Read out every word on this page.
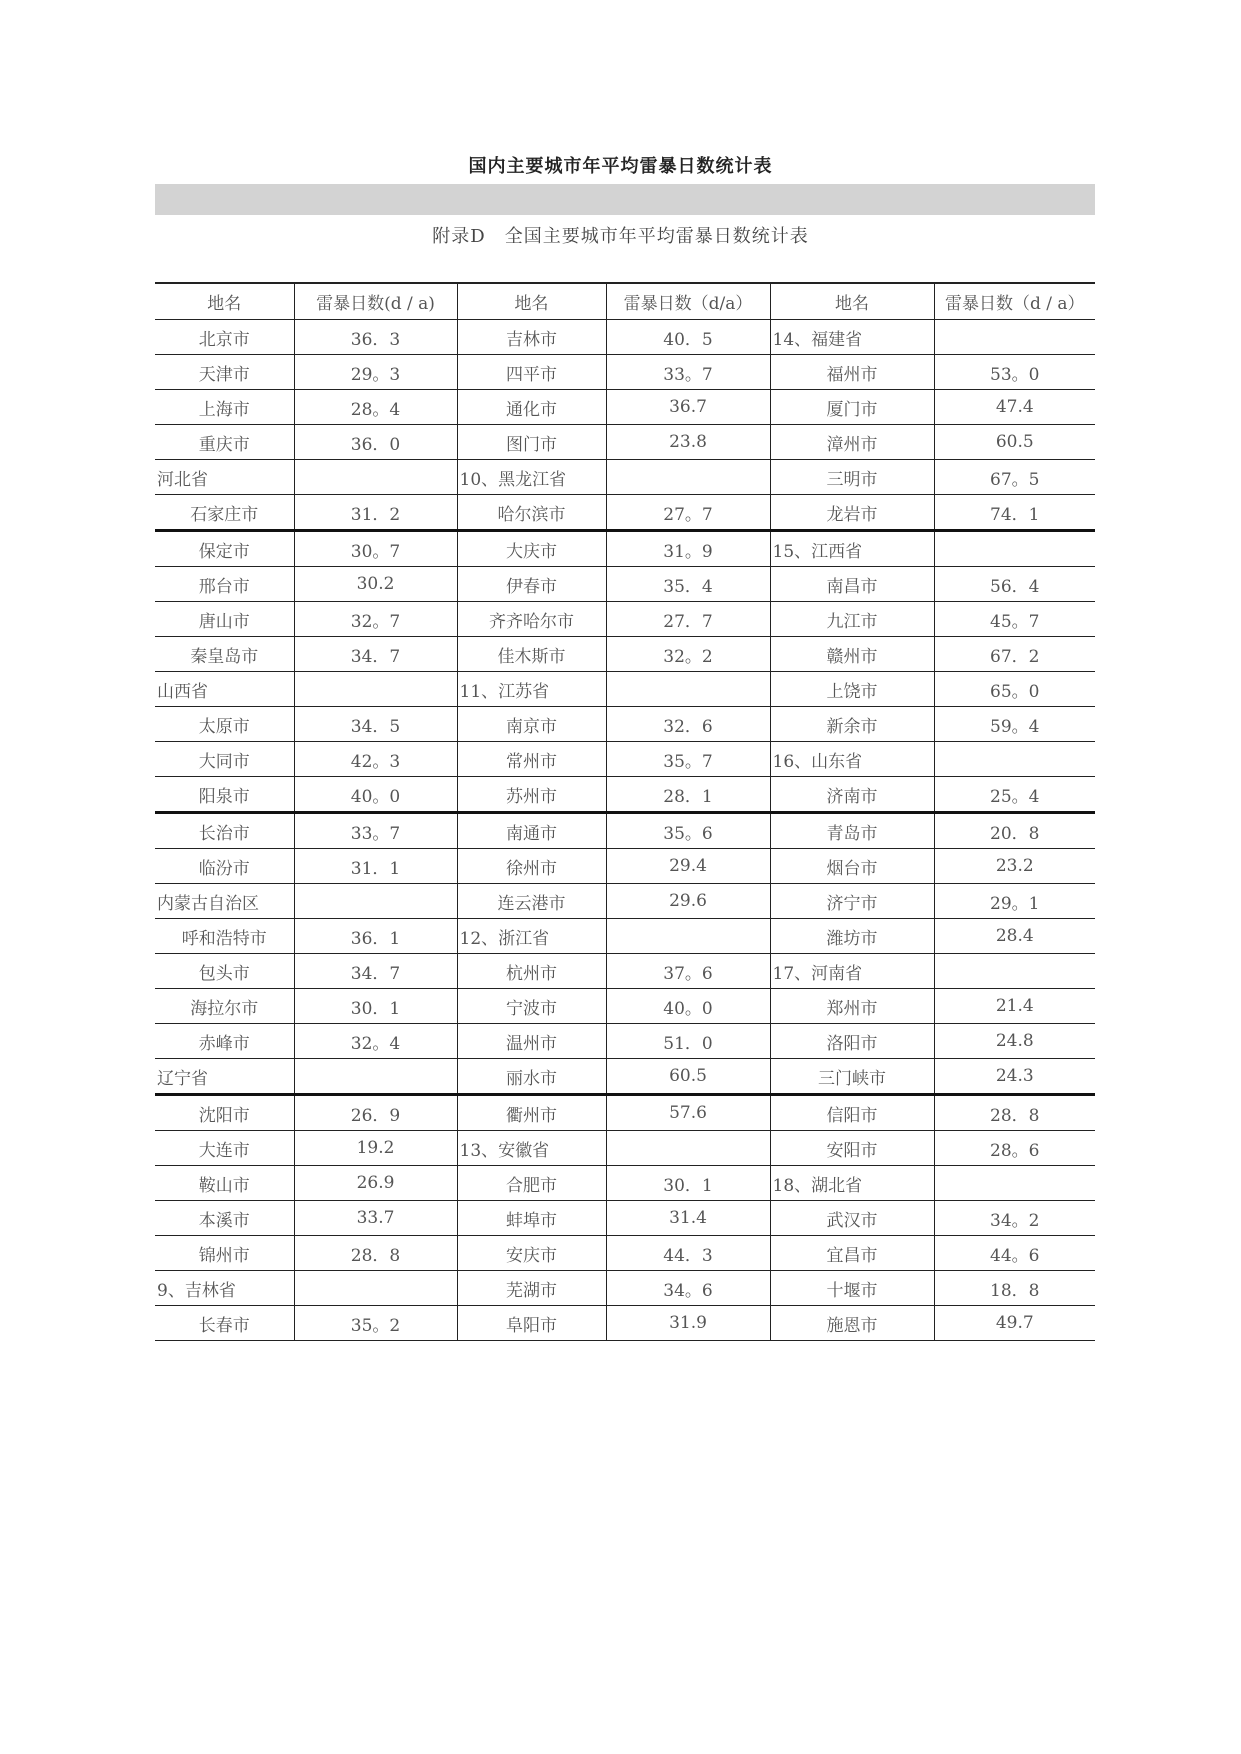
国内主要城市年平均雷暴日数统计表
附录D　全国主要城市年平均雷暴日数统计表
地名	雷暴日数(d / a)	地名	雷暴日数（d/a）	地名	雷暴日数（d / a）
北京市	36．3	吉林市	40．5	14、福建省	
天津市	29。3	四平市	33。7	福州市	53。0
上海市	28。4	通化市	36.7	厦门市	47.4
重庆市	36．0	图门市	23.8	漳州市	60.5
河北省		10、黑龙江省		三明市	67。5
石家庄市	31．2	哈尔滨市	27。7	龙岩市	74．1
保定市	30。7	大庆市	31。9	15、江西省	
邢台市	30.2	伊春市	35．4	南昌市	56．4
唐山市	32。7	齐齐哈尔市	27．7	九江市	45。7
秦皇岛市	34．7	佳木斯市	32。2	赣州市	67．2
山西省		11、江苏省		上饶市	65。0
太原市	34．5	南京市	32．6	新余市	59。4
大同市	42。3	常州市	35。7	16、山东省	
阳泉市	40。0	苏州市	28．1	济南市	25。4
长治市	33。7	南通市	35。6	青岛市	20．8
临汾市	31．1	徐州市	29.4	烟台市	23.2
内蒙古自治区		连云港市	29.6	济宁市	29。1
呼和浩特市	36．1	12、浙江省		潍坊市	28.4
包头市	34．7	杭州市	37。6	17、河南省	
海拉尔市	30．1	宁波市	40。0	郑州市	21.4
赤峰市	32。4	温州市	51．0	洛阳市	24.8
辽宁省		丽水市	60.5	三门峡市	24.3
沈阳市	26．9	衢州市	57.6	信阳市	28．8
大连市	19.2	13、安徽省		安阳市	28。6
鞍山市	26.9	合肥市	30．1	18、湖北省	
本溪市	33.7	蚌埠市	31.4	武汉市	34。2
锦州市	28．8	安庆市	44．3	宜昌市	44。6
9、吉林省		芜湖市	34。6	十堰市	18．8
长春市	35。2	阜阳市	31.9	施恩市	49.7
